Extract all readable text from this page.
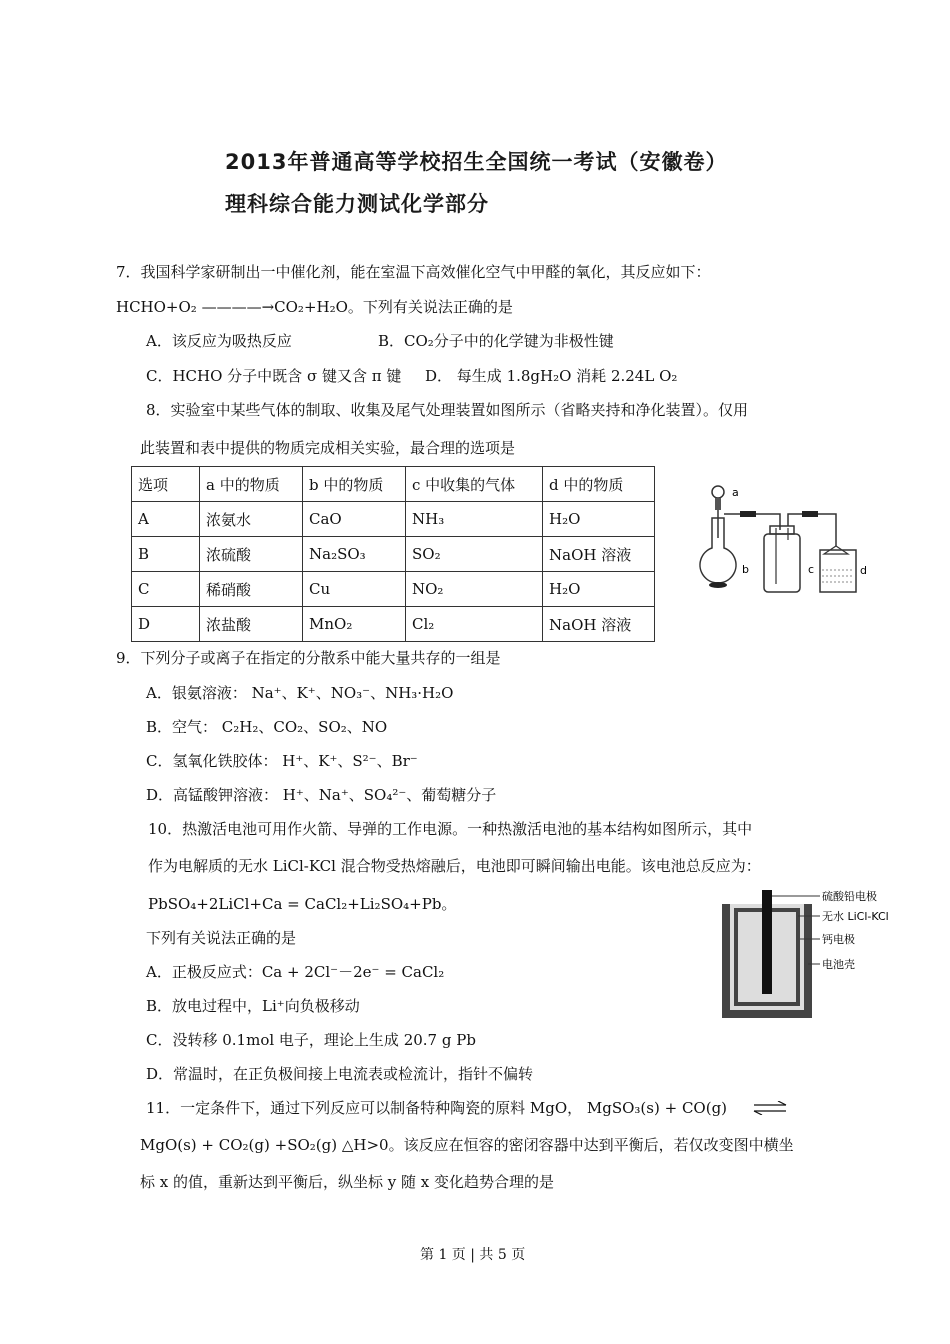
2013年普通高等学校招生全国统一考试（安徽卷）
理科综合能力测试化学部分
7．我国科学家研制出一中催化剂，能在室温下高效催化空气中甲醛的氧化，其反应如下：
HCHO+O₂ ————→CO₂+H₂O。下列有关说法正确的是
A．该反应为吸热反应	B．CO₂分子中的化学键为非极性键
C．HCHO 分子中既含 σ 键又含 π 键 D． 每生成 1.8gH₂O 消耗 2.24L O₂
8．实验室中某些气体的制取、收集及尾气处理装置如图所示（省略夹持和净化装置）。仅用
此装置和表中提供的物质完成相关实验，最合理的选项是
选项	a 中的物质	b 中的物质	c 中收集的气体	d 中的物质
A	浓氨水	CaO	NH₃	H₂O
B	浓硫酸	Na₂SO₃	SO₂	NaOH 溶液
C	稀硝酸	Cu	NO₂	H₂O
D	浓盐酸	MnO₂	Cl₂	NaOH 溶液
a
b	c	d
9．下列分子或离子在指定的分散系中能大量共存的一组是
A．银氨溶液： Na⁺、K⁺、NO₃⁻、NH₃·H₂O
B．空气： C₂H₂、CO₂、SO₂、NO
C．氢氧化铁胶体： H⁺、K⁺、S²⁻、Br⁻
D．高锰酸钾溶液： H⁺、Na⁺、SO₄²⁻、葡萄糖分子
10．热激活电池可用作火箭、导弹的工作电源。一种热激活电池的基本结构如图所示，其中
作为电解质的无水 LiCl-KCl 混合物受热熔融后，电池即可瞬间输出电能。该电池总反应为：
PbSO₄+2LiCl+Ca = CaCl₂+Li₂SO₄+Pb。
下列有关说法正确的是
A．正极反应式：Ca + 2Cl⁻－2e⁻ = CaCl₂
B．放电过程中，Li⁺向负极移动
C．没转移 0.1mol 电子，理论上生成 20.7 g Pb
D．常温时，在正负极间接上电流表或检流计，指针不偏转
硫酸铅电极
无水 LiCl-KCl
钙电极
电池壳
11．一定条件下，通过下列反应可以制备特种陶瓷的原料 MgO， MgSO₃(s) + CO(g)
MgO(s) + CO₂(g) +SO₂(g) △H>0。该反应在恒容的密闭容器中达到平衡后，若仅改变图中横坐
标 x 的值，重新达到平衡后，纵坐标 y 随 x 变化趋势合理的是
第 1 页 | 共 5 页
